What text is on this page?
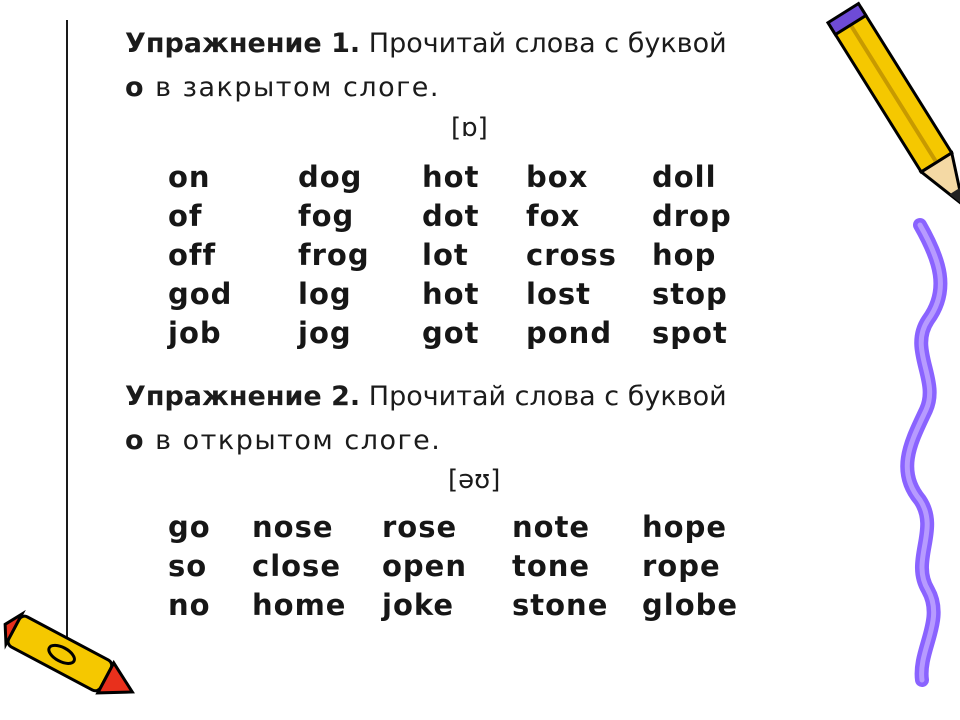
Упражнение 1. Прочитай слова с буквой
о в закрытом слоге.
[ɒ]
on	dog hot box doll
of	fog dot fox drop
off	frog lot cross hop
god log hot lost stop
job	jog got pond spot
Упражнение 2. Прочитай слова с буквой
о в открытом слоге.
[əʊ]
go nose rose note hope
so close open tone rope
no home joke stone globe
